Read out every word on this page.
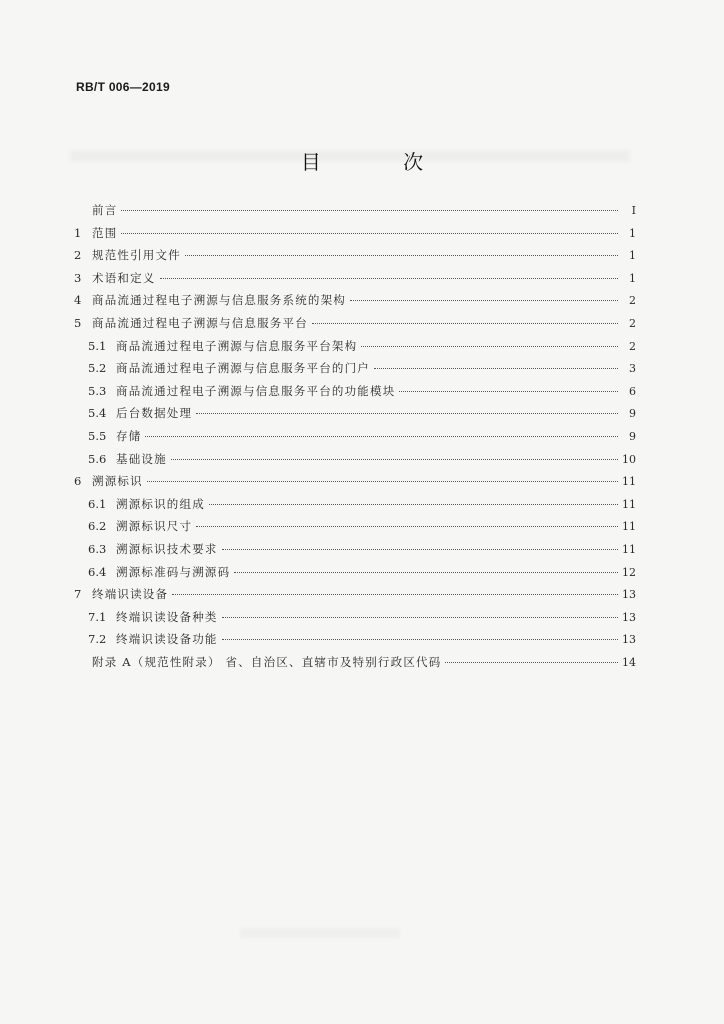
RB/T 006—2019
目 次
前言	I
1 范围	1
2 规范性引用文件	1
3 术语和定义	1
4 商品流通过程电子溯源与信息服务系统的架构	2
5 商品流通过程电子溯源与信息服务平台	2
5.1 商品流通过程电子溯源与信息服务平台架构	2
5.2 商品流通过程电子溯源与信息服务平台的门户	3
5.3 商品流通过程电子溯源与信息服务平台的功能模块	6
5.4 后台数据处理	9
5.5 存储	9
5.6 基础设施	10
6 溯源标识	11
6.1 溯源标识的组成	11
6.2 溯源标识尺寸	11
6.3 溯源标识技术要求	11
6.4 溯源标准码与溯源码	12
7 终端识读设备	13
7.1 终端识读设备种类	13
7.2 终端识读设备功能	13
附录 A（规范性附录） 省、自治区、直辖市及特别行政区代码	14
